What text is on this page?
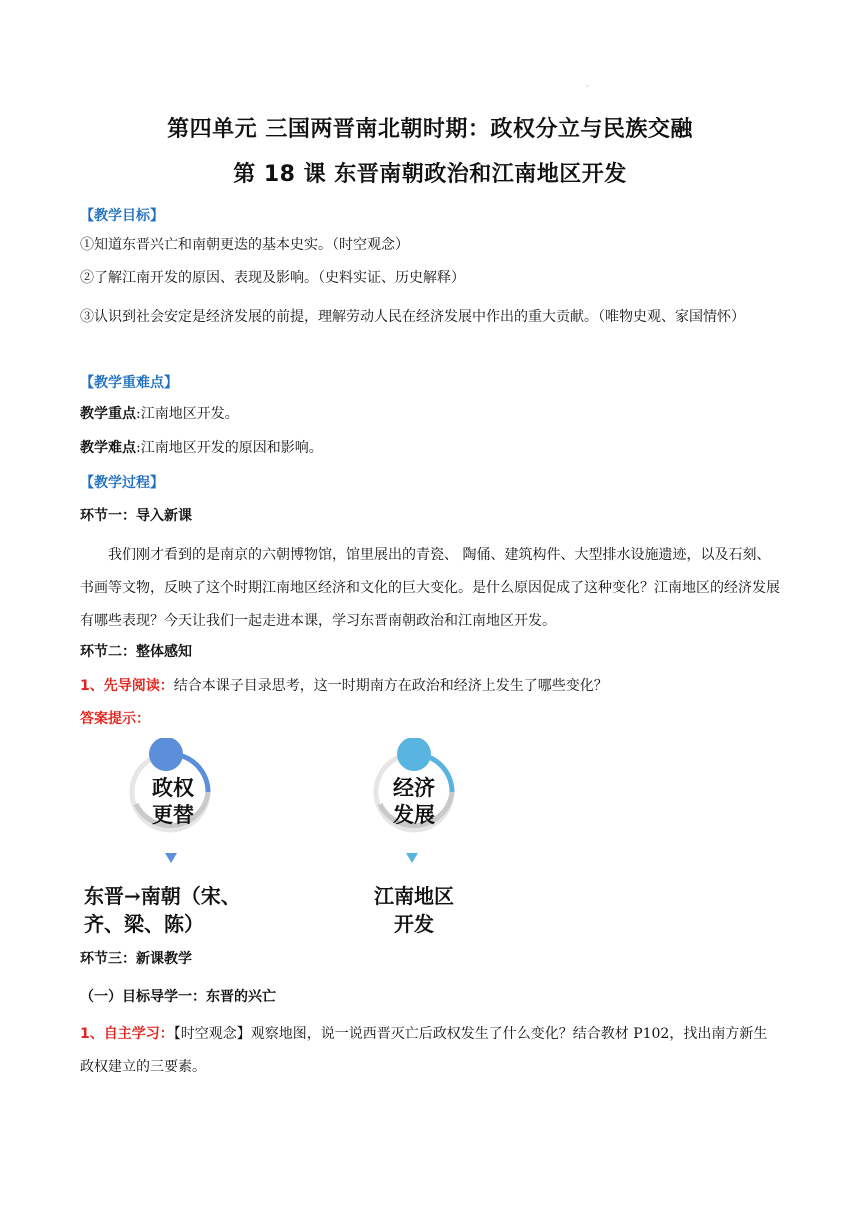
·
第四单元 三国两晋南北朝时期：政权分立与民族交融
第 18 课 东晋南朝政治和江南地区开发
【教学目标】
①知道东晋兴亡和南朝更迭的基本史实。（时空观念）
②了解江南开发的原因、表现及影响。（史料实证、历史解释）
③认识到社会安定是经济发展的前提，理解劳动人民在经济发展中作出的重大贡献。（唯物史观、家国情怀）
【教学重难点】
教学重点:江南地区开发。
教学难点:江南地区开发的原因和影响。
【教学过程】
环节一：导入新课
我们刚才看到的是南京的六朝博物馆，馆里展出的青瓷、 陶俑、建筑构件、大型排水设施遗迹，以及石刻、书画等文物，反映了这个时期江南地区经济和文化的巨大变化。是什么原因促成了这种变化？江南地区的经济发展有哪些表现？今天让我们一起走进本课，学习东晋南朝政治和江南地区开发。
环节二：整体感知
1、先导阅读：结合本课子目录思考，这一时期南方在政治和经济上发生了哪些变化？
答案提示：
政权
更替
东晋→南朝（宋、
齐、梁、陈）
经济
发展
江南地区
开发
环节三：新课教学
（一）目标导学一：东晋的兴亡
1、自主学习：【时空观念】观察地图，说一说西晋灭亡后政权发生了什么变化？结合教材 P102，找出南方新生政权建立的三要素。
